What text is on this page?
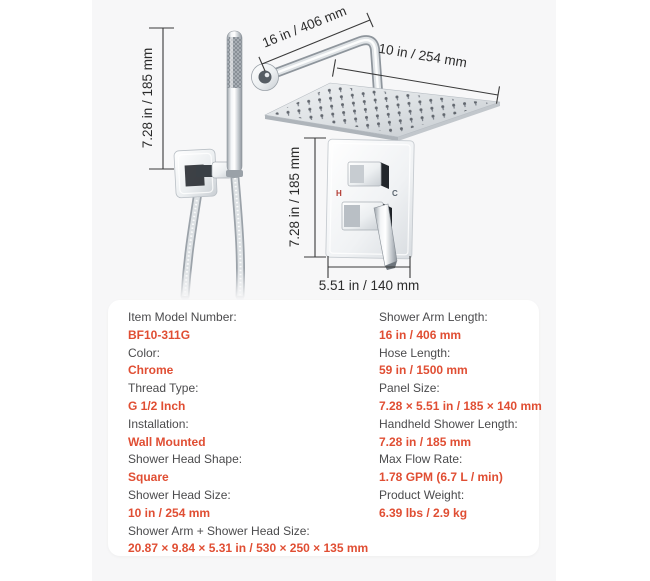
7.28 in / 185 mm
16 in / 406 mm
10 in / 254 mm
H	C
7.28 in / 185 mm
5.51 in / 140 mm
Item Model Number:
BF10-311G
Color:
Chrome
Thread Type:
G 1/2 Inch
Installation:
Wall Mounted
Shower Head Shape:
Square
Shower Head Size:
10 in / 254 mm
Shower Arm + Shower Head Size:
20.87 × 9.84 × 5.31 in / 530 × 250 × 135 mm
Shower Arm Length:
16 in / 406 mm
Hose Length:
59 in / 1500 mm
Panel Size:
7.28 × 5.51 in / 185 × 140 mm
Handheld Shower Length:
7.28 in / 185 mm
Max Flow Rate:
1.78 GPM (6.7 L / min)
Product Weight:
6.39 lbs / 2.9 kg
